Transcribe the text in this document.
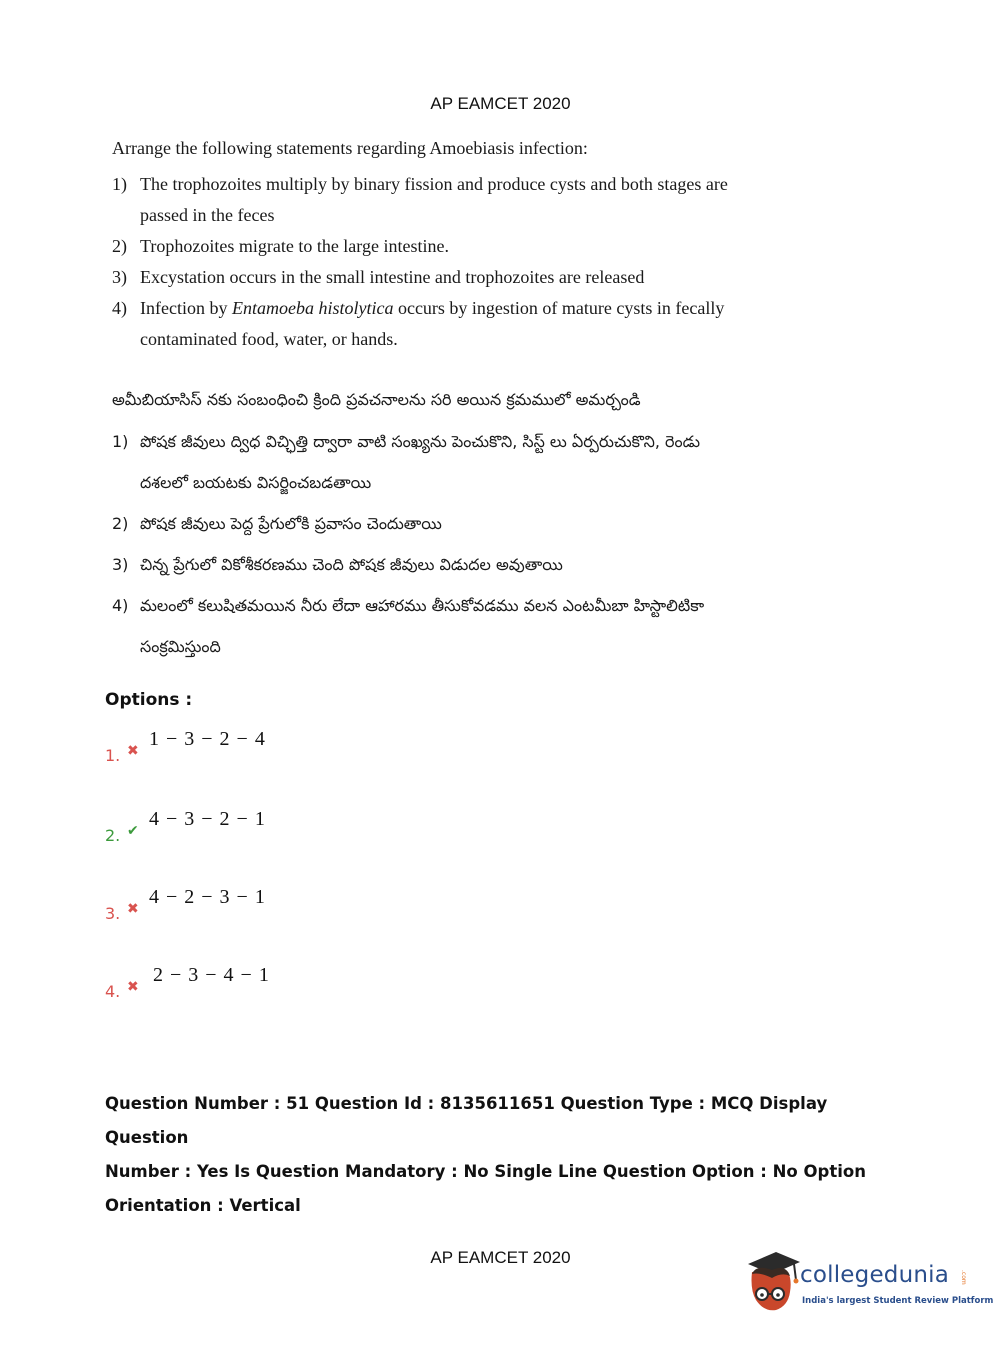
AP EAMCET 2020

Arrange the following statements regarding Amoebiasis infection:

1) The trophozoites multiply by binary fission and produce cysts and both stages are passed in the feces
2) Trophozoites migrate to the large intestine.
3) Excystation occurs in the small intestine and trophozoites are released
4) Infection by Entamoeba histolytica occurs by ingestion of mature cysts in fecally contaminated food, water, or hands.

అమీబియాసిస్ నకు సంబంధించి క్రింది ప్రవచనాలను సరి అయిన క్రమములో అమర్చండి

1) పోషక జీవులు ద్విధ విచ్ఛిత్తి ద్వారా వాటి సంఖ్యను పెంచుకొని, సిస్ట్ లు ఏర్పరుచుకొని, రెండు దశలలో బయటకు విసర్జించబడతాయి
2) పోషక జీవులు పెద్ద ప్రేగులోకి ప్రవాసం చెందుతాయి
3) చిన్న ప్రేగులో వికోశీకరణము చెంది పోషక జీవులు విడుదల అవుతాయి
4) మలంలో కలుషితమయిన నీరు లేదా ఆహారము తీసుకోవడము వలన ఎంటమీబా హిస్టాలిటికా సంక్రమిస్తుంది
Options :
1. ✖ 1 − 3 − 2 − 4
2. ✔ 4 − 3 − 2 − 1
3. ✖ 4 − 2 − 3 − 1
4. ✖ 2 − 3 − 4 − 1
Question Number : 51 Question Id : 8135611651 Question Type : MCQ Display Question
Number : Yes Is Question Mandatory : No Single Line Question Option : No Option
Orientation : Vertical
AP EAMCET 2020
collegedunia .com
India's largest Student Review Platform
